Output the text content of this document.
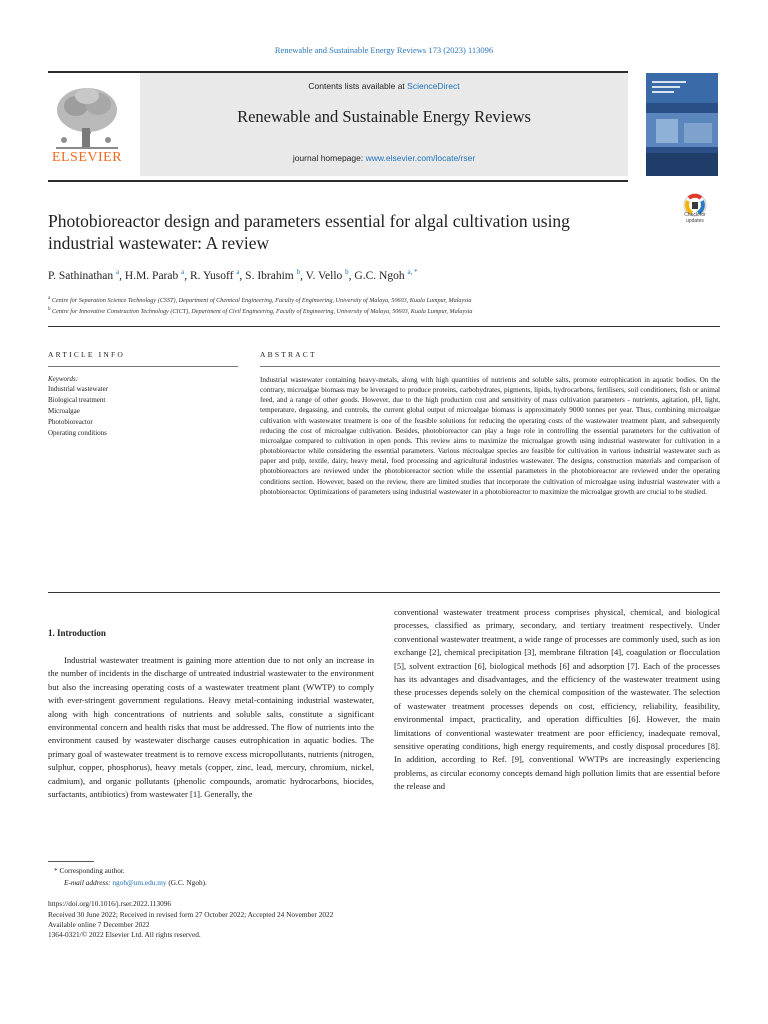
Renewable and Sustainable Energy Reviews 173 (2023) 113096
ELSEVIER
Contents lists available at ScienceDirect
Renewable and Sustainable Energy Reviews
journal homepage: www.elsevier.com/locate/rser
Photobioreactor design and parameters essential for algal cultivation using industrial wastewater: A review
Check for
updates
P. Sathinathan $^a$, H.M. Parab $^a$, R. Yusoff $^a$, S. Ibrahim $^b$, V. Vello $^b$, G.C. Ngoh $^{a, *}$
$^a$ Centre for Separation Science Technology (CSST), Department of Chemical Engineering, Faculty of Engineering, University of Malaya, 50603, Kuala Lumpur, Malaysia
$^b$ Centre for Innovative Construction Technology (CICT), Department of Civil Engineering, Faculty of Engineering, University of Malaya, 50603, Kuala Lumpur, Malaysia
ARTICLE INFO
Keywords:
Industrial wastewater
Biological treatment
Microalgae
Photobioreactor
Operating conditions
ABSTRACT
Industrial wastewater containing heavy-metals, along with high quantities of nutrients and soluble salts, promote eutrophication in aquatic bodies. On the contrary, microalgae biomass may be leveraged to produce proteins, carbohydrates, pigments, lipids, hydrocarbons, fertilisers, soil conditioners, fish or animal feed, and a range of other goods. However, due to the high production cost and sensitivity of mass cultivation parameters - nutrients, agitation, pH, light, temperature, degassing, and controls, the current global output of microalgae biomass is approximately 9000 tonnes per year. Thus, combining microalgae cultivation with wastewater treatment is one of the feasible solutions for reducing the operating costs of the wastewater treatment plant, and subsequently reducing the cost of microalgae cultivation. Besides, photobioreactor can play a huge role in controlling the essential parameters for the cultivation of microalgae compared to cultivation in open ponds. This review aims to maximize the microalgae growth using industrial wastewater for cultivation in a photobioreactor while considering the essential parameters. Various microalgae species are feasible for cultivation in various industrial wastewater such as paper and pulp, textile, dairy, heavy metal, food processing and agricultural industries wastewater. The designs, construction materials and comparison of photobioreactors are reviewed under the photobioreactor section while the essential parameters in the photobioreactor are reviewed under the operating conditions section. However, based on the review, there are limited studies that incorporate the cultivation of microalgae using industrial wastewater with a photobioreactor. Optimizations of parameters using industrial wastewater in a photobioreactor to maximize the microalgae growth are crucial to be studied.
1. Introduction

Industrial wastewater treatment is gaining more attention due to not only an increase in the number of incidents in the discharge of untreated industrial wastewater to the environment but also the increasing operating costs of a wastewater treatment plant (WWTP) to comply with ever-stringent government regulations. Heavy metal-containing industrial wastewater, along with high concentrations of nutrients and soluble salts, constitute a significant environmental concern and health risks that must be addressed. The flow of nutrients into the environment caused by wastewater discharge causes eutrophication in aquatic bodies. The primary goal of wastewater treatment is to remove excess micropollutants, nutrients (nitrogen, sulphur, copper, phosphorus), heavy metals (copper, zinc, lead, mercury, chromium, nickel, cadmium), and organic pollutants (phenolic compounds, aromatic hydrocarbons, biocides, surfactants, antibiotics) from wastewater [1]. Generally, the

conventional wastewater treatment process comprises physical, chemical, and biological processes, classified as primary, secondary, and tertiary treatment respectively. Under conventional wastewater treatment, a wide range of processes are commonly used, such as ion exchange [2], chemical precipitation [3], membrane filtration [4], coagulation or flocculation [5], solvent extraction [6], biological methods [6] and adsorption [7]. Each of the processes has its advantages and disadvantages, and the efficiency of the wastewater treatment using these processes depends solely on the chemical composition of the wastewater. The selection of wastewater treatment processes depends on cost, efficiency, reliability, feasibility, environmental impact, practicality, and operation difficulties [6]. However, the main limitations of conventional wastewater treatment are poor efficiency, inadequate removal, sensitive operating conditions, high energy requirements, and costly disposal procedures [8]. In addition, according to Ref. [9], conventional WWTPs are increasingly experiencing problems, as circular economy concepts demand high pollution limits that are essential before the release and

* Corresponding author.
E-mail address: ngoh@um.edu.my (G.C. Ngoh).
https://doi.org/10.1016/j.rser.2022.113096
Received 30 June 2022; Received in revised form 27 October 2022; Accepted 24 November 2022
Available online 7 December 2022
1364-0321/© 2022 Elsevier Ltd. All rights reserved.
